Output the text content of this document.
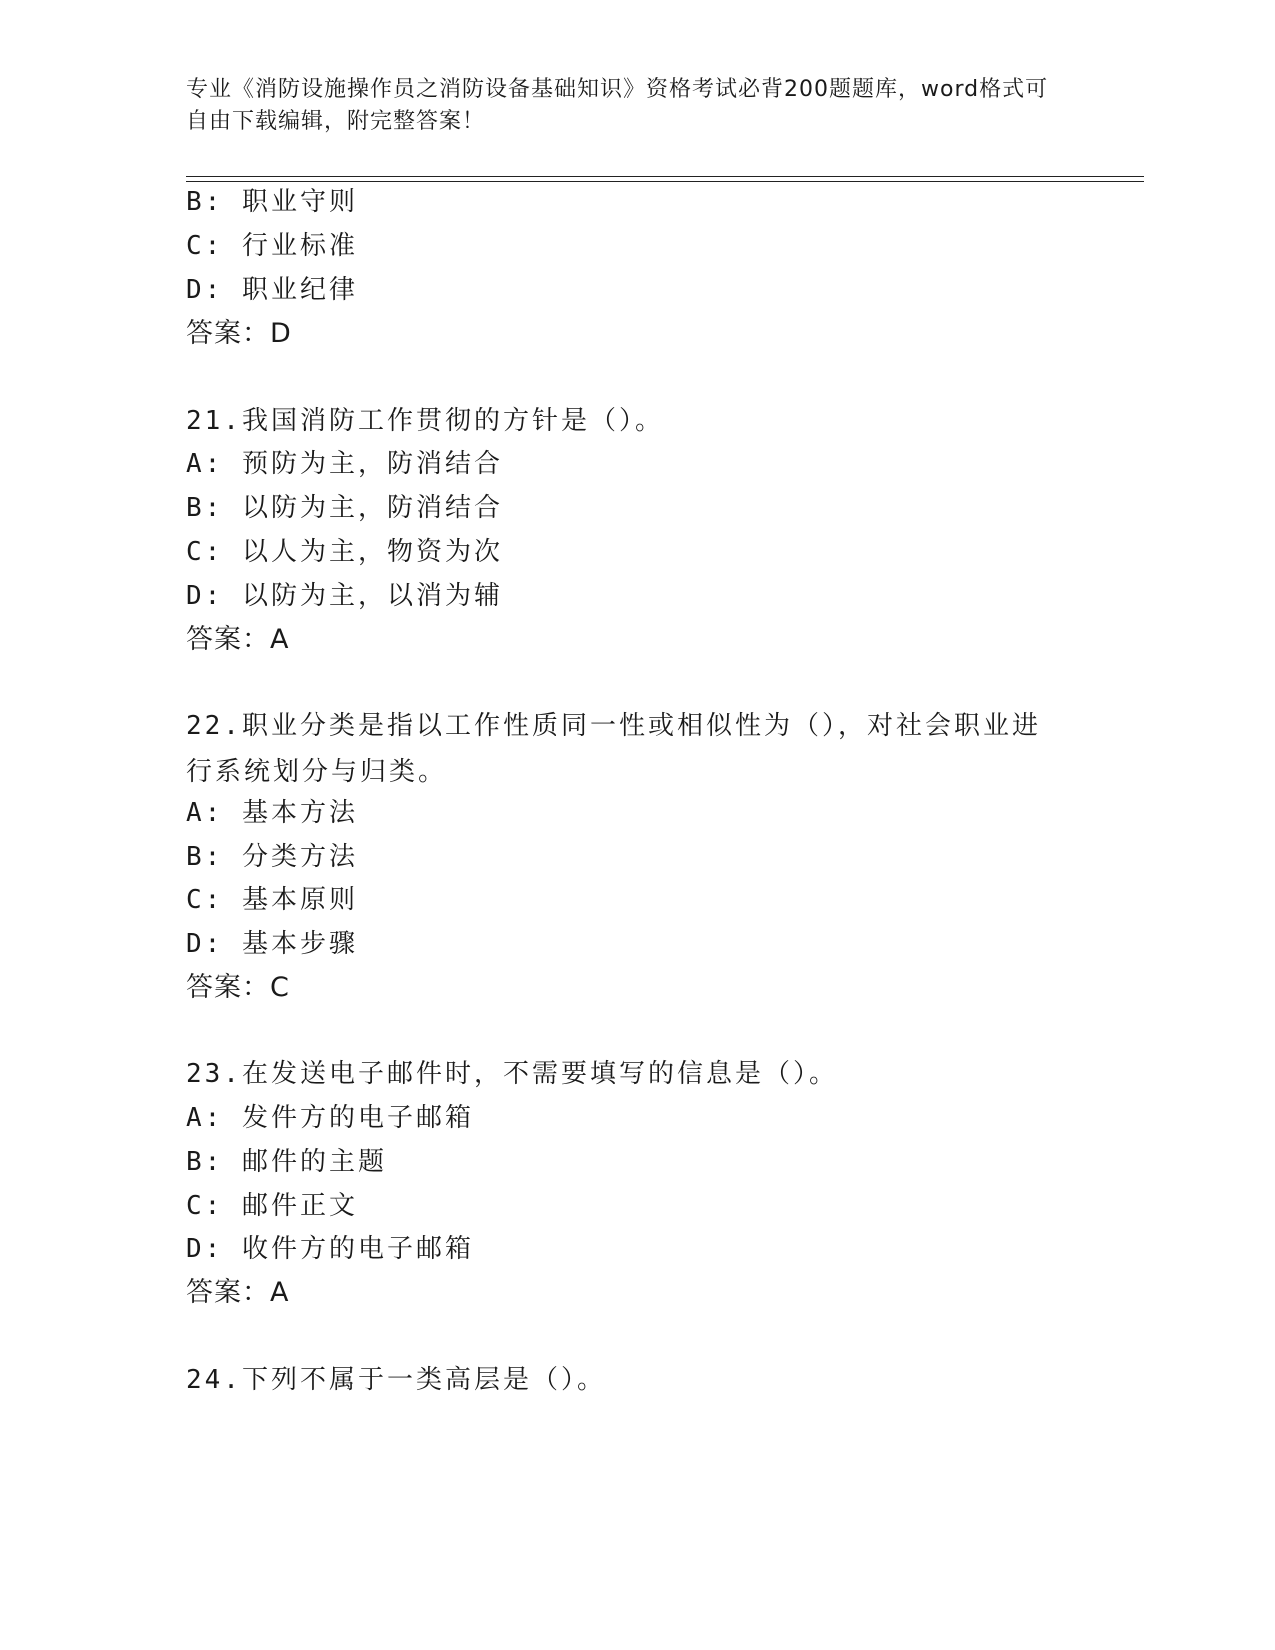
专业《消防设施操作员之消防设备基础知识》资格考试必背200题题库，word格式可自由下载编辑，附完整答案！
B: 职业守则
C: 行业标准
D: 职业纪律
答案：D
21.我国消防工作贯彻的方针是（）。
A: 预防为主，防消结合
B: 以防为主，防消结合
C: 以人为主，物资为次
D: 以防为主，以消为辅
答案：A
22.职业分类是指以工作性质同一性或相似性为（），对社会职业进行系统划分与归类。
A: 基本方法
B: 分类方法
C: 基本原则
D: 基本步骤
答案：C
23.在发送电子邮件时，不需要填写的信息是（）。
A: 发件方的电子邮箱
B: 邮件的主题
C: 邮件正文
D: 收件方的电子邮箱
答案：A
24.下列不属于一类高层是（）。
